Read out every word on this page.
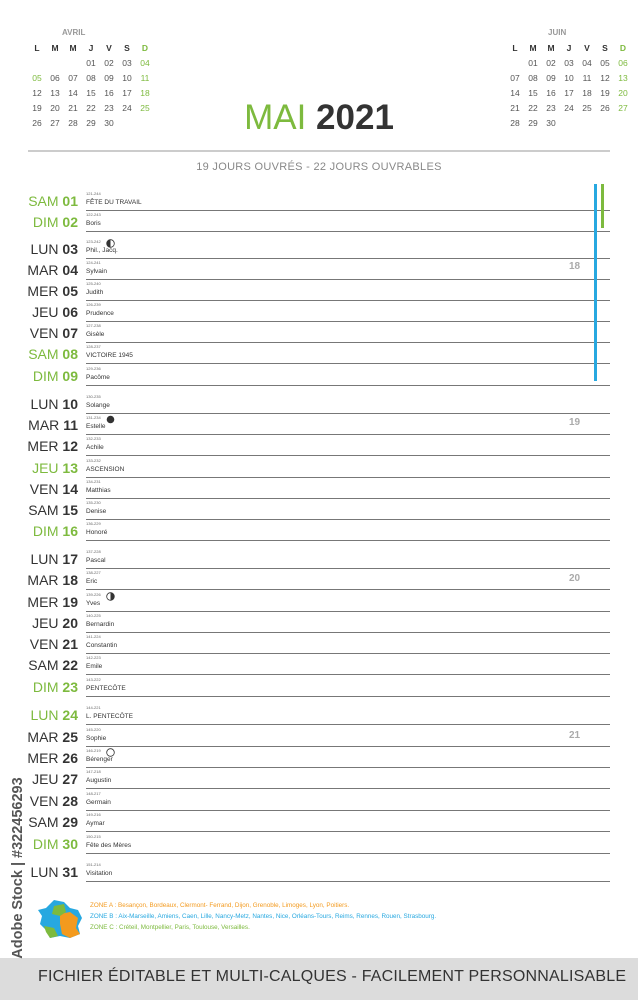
AVRIL
L	M	M	J	V	S	D
			01	02	03	04
05	06	07	08	09	10	11
12	13	14	15	16	17	18
19	20	21	22	23	24	25
26	27	28	29	30		
JUIN
L	M	M	J	V	S	D
	01	02	03	04	05	06
07	08	09	10	11	12	13
14	15	16	17	18	19	20
21	22	23	24	25	26	27
28	29	30				
MAI 2021
19 JOURS OUVRÉS - 22 JOURS OUVRABLES
SAM 01 121-244
FÊTE DU TRAVAIL
DIM 02 122-243
Boris
LUN 03 123-242
Phil., Jacq.
MAR 04 124-241
Sylvain
MER 05 125-240
Judith
JEU 06 126-239
Prudence
VEN 07 127-238
Gisèle
SAM 08 128-237
VICTOIRE 1945
DIM 09 129-236
Pacôme
LUN 10 130-235
Solange
MAR 11 131-234
Estelle
MER 12 132-233
Achile
JEU 13 133-232
ASCENSION
VEN 14 134-231
Matthias
SAM 15 135-230
Denise
DIM 16 136-229
Honoré
LUN 17 137-228
Pascal
MAR 18 138-227
Eric
MER 19 139-226
Yves
JEU 20 140-225
Bernardin
VEN 21 141-224
Constantin
SAM 22 142-223
Emile
DIM 23 143-222
PENTECÔTE
LUN 24 144-221
L. PENTECÔTE
MAR 25 145-220
Sophie
MER 26 146-219
Bérenger
JEU 27 147-218
Augustin
VEN 28 148-217
Germain
SAM 29 149-216
Aymar
DIM 30 150-215
Fête des Mères
LUN 31 151-214
Visitation
18
19
20
21
ZONE A : Besançon, Bordeaux, Clermont- Ferrand, Dijon, Grenoble, Limoges, Lyon, Poitiers.
ZONE B : Aix-Marseille, Amiens, Caen, Lille, Nancy-Metz, Nantes, Nice, Orléans-Tours, Reims, Rennes, Rouen, Strasbourg.
ZONE C : Créteil, Montpellier, Paris, Toulouse, Versailles.
FICHIER ÉDITABLE ET MULTI-CALQUES - FACILEMENT PERSONNALISABLE
Adobe Stock | #322456293
